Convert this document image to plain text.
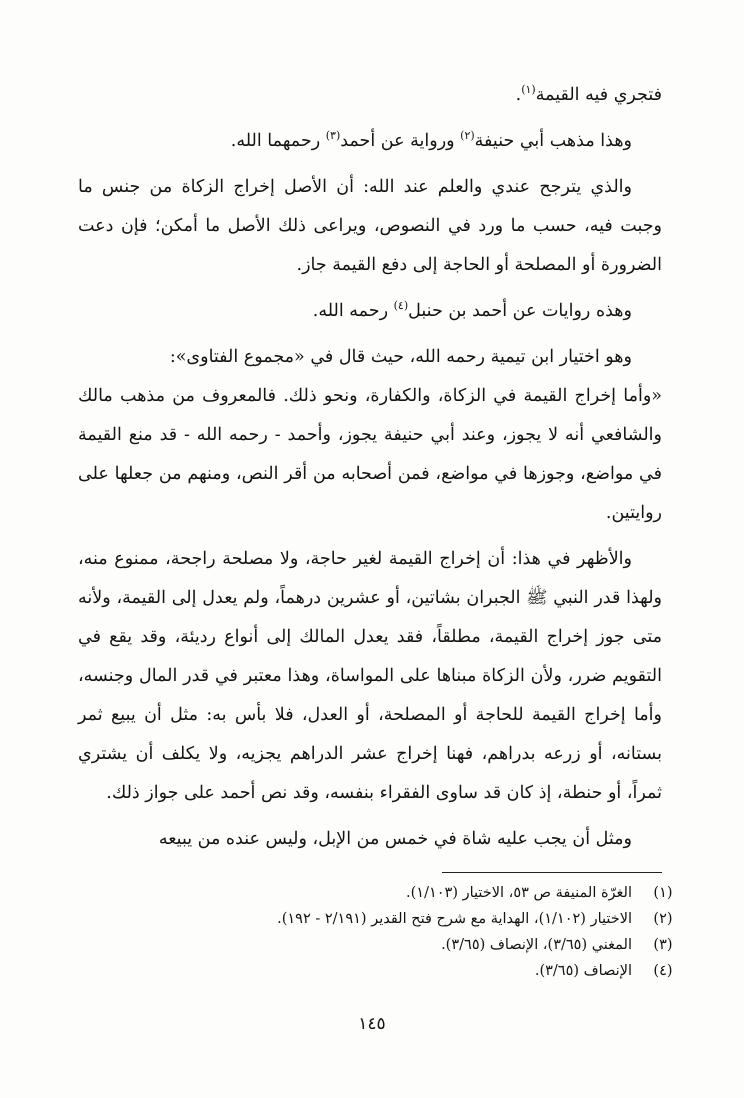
فتجري فيه القيمة$^{(١)}$.

وهذا مذهب أبي حنيفة$^{(٢)}$ ورواية عن أحمد$^{(٣)}$ رحمهما الله.

والذي يترجح عندي والعلم عند الله: أن الأصل إخراج الزكاة من جنس ما وجبت فيه، حسب ما ورد في النصوص، ويراعى ذلك الأصل ما أمكن؛ فإن دعت الضرورة أو المصلحة أو الحاجة إلى دفع القيمة جاز.

وهذه روايات عن أحمد بن حنبل$^{(٤)}$ رحمه الله.

وهو اختيار ابن تيمية رحمه الله، حيث قال في «مجموع الفتاوى»:

«وأما إخراج القيمة في الزكاة، والكفارة، ونحو ذلك. فالمعروف من مذهب مالك والشافعي أنه لا يجوز، وعند أبي حنيفة يجوز، وأحمد - رحمه الله - قد منع القيمة في مواضع، وجوزها في مواضع، فمن أصحابه من أقر النص، ومنهم من جعلها على روايتين.

والأظهر في هذا: أن إخراج القيمة لغير حاجة، ولا مصلحة راجحة، ممنوع منه، ولهذا قدر النبي ﷺ الجبران بشاتين، أو عشرين درهماً، ولم يعدل إلى القيمة، ولأنه متى جوز إخراج القيمة، مطلقاً، فقد يعدل المالك إلى أنواع رديئة، وقد يقع في التقويم ضرر، ولأن الزكاة مبناها على المواساة، وهذا معتبر في قدر المال وجنسه، وأما إخراج القيمة للحاجة أو المصلحة، أو العدل، فلا بأس به: مثل أن يبيع ثمر بستانه، أو زرعه بدراهم، فهنا إخراج عشر الدراهم يجزيه، ولا يكلف أن يشتري ثمراً، أو حنطة، إذ كان قد ساوى الفقراء بنفسه، وقد نص أحمد على جواز ذلك.

ومثل أن يجب عليه شاة في خمس من الإبل، وليس عنده من يبيعه

(١)
الغرّة المنيفة ص ٥٣، الاختيار (١/١٠٣).
(٢)
الاختيار (١/١٠٢)، الهداية مع شرح فتح القدير (٢/١٩١ - ١٩٢).
(٣)
المغني (٣/٦٥)، الإنصاف (٣/٦٥).
(٤)
الإنصاف (٣/٦٥).
١٤٥
